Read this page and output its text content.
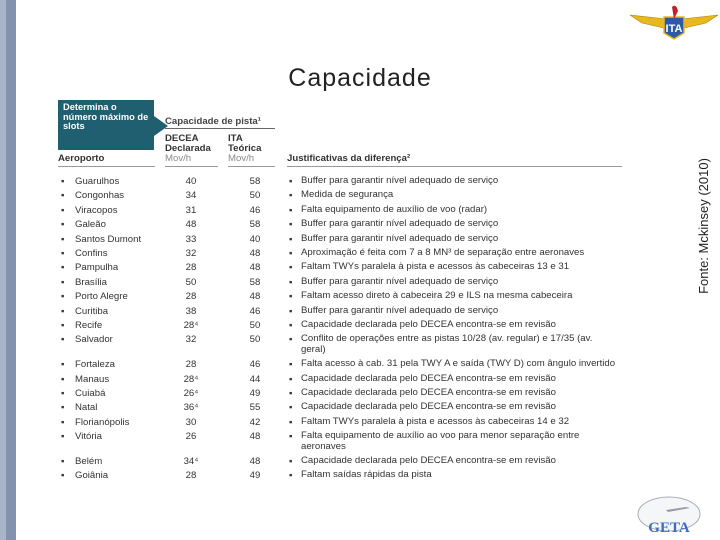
Capacidade
Fonte: Mckinsey (2010)
ITA
GETA
Determina o número máximo de slots	Capacidade de pista¹
DECEA
Declarada
Mov/h
ITA
Teórica
Mov/h
Aeroporto	Justificativas da diferença²
▪ Guarulhos	40	58	▪ Buffer para garantir nível adequado de serviço
▪ Congonhas	34	50	▪ Medida de segurança
▪ Viracopos	31	46	▪ Falta equipamento de auxílio de voo (radar)
▪ Galeão	48	58	▪ Buffer para garantir nível adequado de serviço
▪ Santos Dumont	33	40	▪ Buffer para garantir nível adequado de serviço
▪ Confins	32	48	▪ Aproximação é feita com 7 a 8 MN³ de separação entre aeronaves
▪ Pampulha	28	48	▪ Faltam TWYs paralela à pista e acessos às cabeceiras 13 e 31
▪ Brasília	50	58	▪ Buffer para garantir nível adequado de serviço
▪ Porto Alegre	28	48	▪ Faltam acesso direto à cabeceira 29 e ILS na mesma cabeceira
▪ Curitiba	38	46	▪ Buffer para garantir nível adequado de serviço
▪ Recife	28⁴	50	▪ Capacidade declarada pelo DECEA encontra-se em revisão
▪ Salvador	32	50	▪ Conflito de operações entre as pistas 10/28 (av. regular) e 17/35 (av. geral)
▪ Fortaleza	28	46	▪ Falta acesso à cab. 31 pela TWY A e saída (TWY D) com ângulo invertido
▪ Manaus	28⁴	44	▪ Capacidade declarada pelo DECEA encontra-se em revisão
▪ Cuiabá	26⁴	49	▪ Capacidade declarada pelo DECEA encontra-se em revisão
▪ Natal	36⁴	55	▪ Capacidade declarada pelo DECEA encontra-se em revisão
▪ Florianópolis	30	42	▪ Faltam TWYs paralela à pista e acessos às cabeceiras 14 e 32
▪ Vitória	26	48	▪ Falta equipamento de auxílio ao voo para menor separação entre aeronaves
▪ Belém	34⁴	48	▪ Capacidade declarada pelo DECEA encontra-se em revisão
▪ Goiânia	28	49	▪ Faltam saídas rápidas da pista
